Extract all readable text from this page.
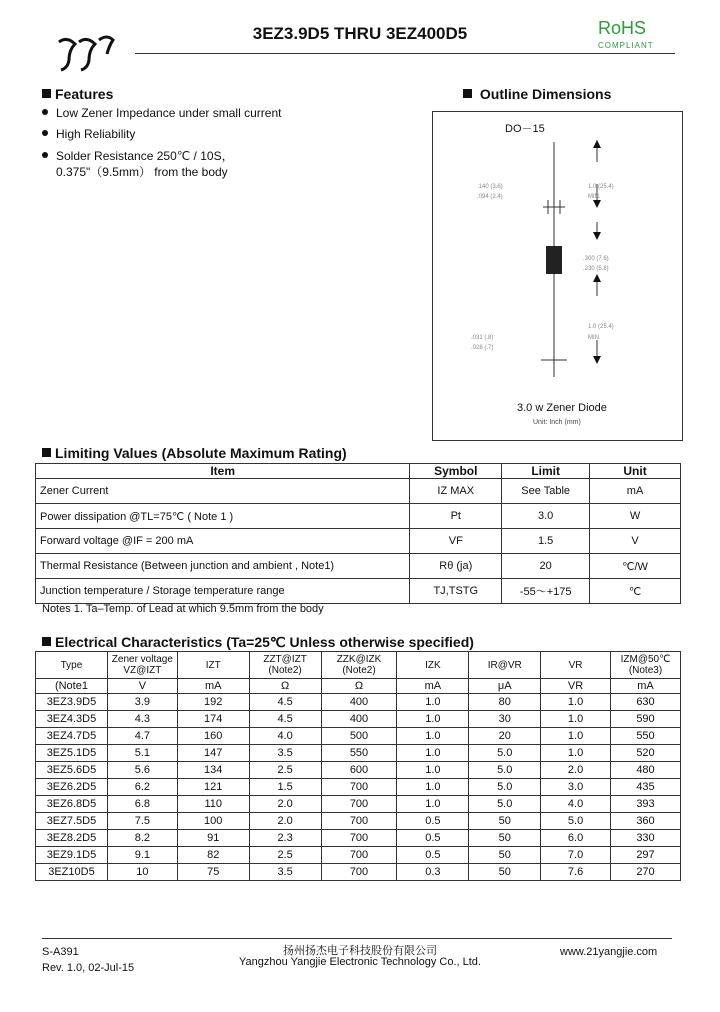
3EZ3.9D5 THRU 3EZ400D5	RoHS
COMPLIANT
Features
Low Zener Impedance under small current
High Reliability
Solder Resistance 250℃ / 10S，
0.375"（9.5mm） from the body
Outline Dimensions
DO－15
.140 (3.6)
.094 (2.4)
1.0 (25.4)
MIN.
.300 (7.6)
.230 (5.8)
.031 (.8)
.028 (.7)
1.0 (25.4)
MIN.
3.0 w Zener Diode
Unit: Inch (mm)
Limiting Values (Absolute Maximum Rating)
Item	Symbol	Limit	Unit
Zener Current	IZ MAX	See Table	mA
Power dissipation @TL=75℃ ( Note 1 )	Pt	3.0	W
Forward voltage @IF = 200 mA	VF	1.5	V
Thermal Resistance (Between junction and ambient , Note1)	Rθ (ja)	20	℃/W
Junction temperature / Storage temperature range	TJ,TSTG	-55～+175	℃
Notes 1. Ta–Temp. of Lead at which 9.5mm from the body
Electrical Characteristics (Ta=25℃ Unless otherwise specified)
Type	Zener voltage VZ@IZT	IZT	ZZT@IZT (Note2)	ZZK@IZK (Note2)	IZK	IR@VR	VR	IZM@50℃ (Note3)
(Note1	V	mA	Ω	Ω	mA	μA	VR	mA
3EZ3.9D5	3.9	192	4.5	400	1.0	80	1.0	630
3EZ4.3D5	4.3	174	4.5	400	1.0	30	1.0	590
3EZ4.7D5	4.7	160	4.0	500	1.0	20	1.0	550
3EZ5.1D5	5.1	147	3.5	550	1.0	5.0	1.0	520
3EZ5.6D5	5.6	134	2.5	600	1.0	5.0	2.0	480
3EZ6.2D5	6.2	121	1.5	700	1.0	5.0	3.0	435
3EZ6.8D5	6.8	110	2.0	700	1.0	5.0	4.0	393
3EZ7.5D5	7.5	100	2.0	700	0.5	50	5.0	360
3EZ8.2D5	8.2	91	2.3	700	0.5	50	6.0	330
3EZ9.1D5	9.1	82	2.5	700	0.5	50	7.0	297
3EZ10D5	10	75	3.5	700	0.3	50	7.6	270
S-A391
Rev. 1.0, 02-Jul-15
扬州扬杰电子科技股份有限公司
Yangzhou Yangjie Electronic Technology Co., Ltd.
www.21yangjie.com
